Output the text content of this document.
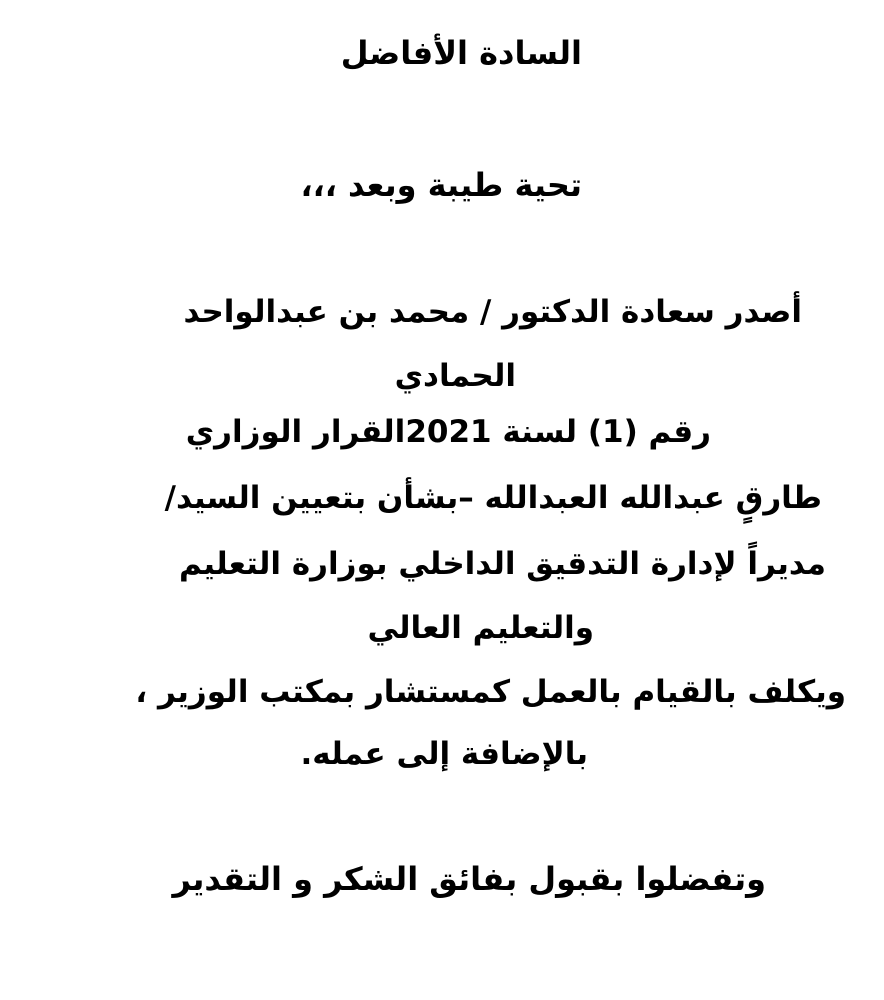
السادة الأفاضل

تحية طيبة وبعد ،،،

أصدر سعادة الدكتور / محمد بن عبدالواحد

الحمادي

رقم (1) لسنة 2021القرار الوزاري

طارقٍ عبدالله العبدالله –بشأن بتعيين السيد/

مديراً لإدارة التدقيق الداخلي بوزارة التعليم

والتعليم العالي

ويكلف بالقيام بالعمل كمستشار بمكتب الوزير ،

بالإضافة إلى عمله.

وتفضلوا بقبول بفائق الشكر و التقدير
